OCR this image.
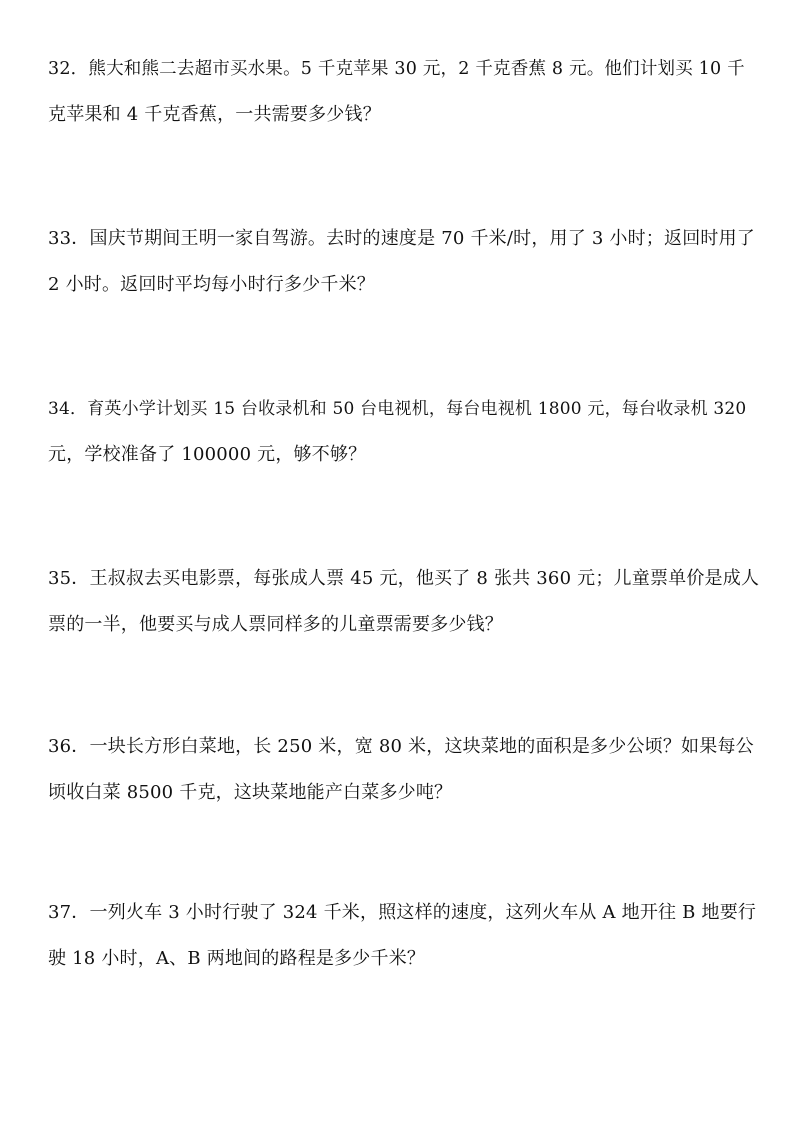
32．熊大和熊二去超市买水果。5 千克苹果 30 元，2 千克香蕉 8 元。他们计划买 10 千
克苹果和 4 千克香蕉，一共需要多少钱？
33．国庆节期间王明一家自驾游。去时的速度是 70 千米/时，用了 3 小时；返回时用了
2 小时。返回时平均每小时行多少千米？
34．育英小学计划买 15 台收录机和 50 台电视机，每台电视机 1800 元，每台收录机 320
元，学校准备了 100000 元，够不够？
35．王叔叔去买电影票，每张成人票 45 元，他买了 8 张共 360 元；儿童票单价是成人
票的一半，他要买与成人票同样多的儿童票需要多少钱？
36．一块长方形白菜地，长 250 米，宽 80 米，这块菜地的面积是多少公顷？如果每公
顷收白菜 8500 千克，这块菜地能产白菜多少吨？
37．一列火车 3 小时行驶了 324 千米，照这样的速度，这列火车从 A 地开往 B 地要行
驶 18 小时，A、B 两地间的路程是多少千米？
